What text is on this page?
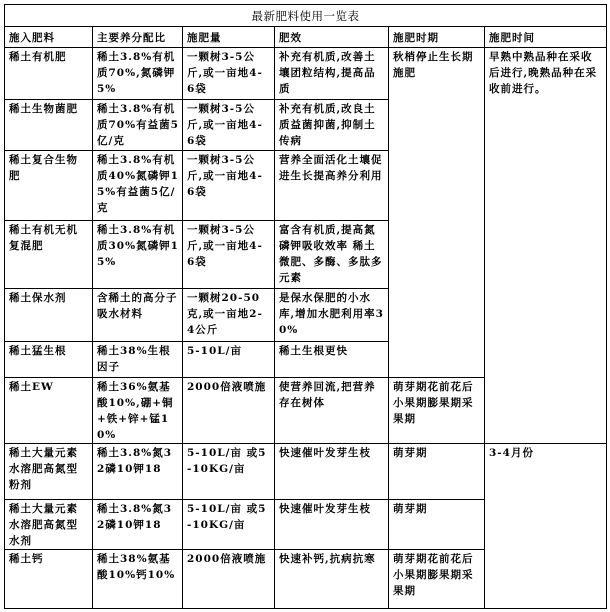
最新肥料使用一览表					
施入肥料	主要养分配比	施肥量	肥效	施肥时期	施肥时间
稀土有机肥	稀土3.8%有机质70%,氮磷钾5%	一颗树3-5公斤,或一亩地4-6袋	补充有机质,改善土壤团粒结构,提高品质	秋梢停止生长期施肥	早熟中熟品种在采收后进行,晚熟品种在采收前进行。
稀土生物菌肥	稀土3.8%有机质70%有益菌5亿/克	一颗树3-5公斤,或一亩地4-6袋	补充有机质,改良土质益菌抑菌,抑制土传病		
稀土复合生物肥	稀土3.8%有机质40%氮磷钾15%有益菌5亿/克	一颗树3-5公斤,或一亩地4-6袋	营养全面活化土壤促进生长提高养分利用		
稀土有机无机复混肥	稀土3.8%有机质30%氮磷钾15%	一颗树3-5公斤,或一亩地4-6袋	富含有机质,提高氮磷钾吸收效率 稀土微肥、多酶、多肽多元素		
稀土保水剂	含稀土的高分子吸水材料	一颗树20-50克,或一亩地2-4公斤	是保水保肥的小水库,增加水肥利用率30%		
稀土猛生根	稀土38%生根因子	5-10L/亩	稀土生根更快		
稀土EW	稀土36%氨基酸10%,硼+铜+铁+锌+锰10%	2000倍液喷施	使营养回流,把营养存在树体	萌芽期花前花后小果期膨果期采果期	
稀土大量元素水溶肥高氮型粉剂	稀土3.8%氮32磷10钾18	5-10L/亩 或5-10KG/亩	快速催叶发芽生枝	萌芽期	3-4月份
稀土大量元素水溶肥高氮型水剂	稀土3.8%氮32磷10钾18	5-10L/亩 或5-10KG/亩	快速催叶发芽生枝	萌芽期	
稀土钙	稀土38%氨基酸10%钙10%	2000倍液喷施	快速补钙,抗病抗寒	萌芽期花前花后小果期膨果期采果期	
